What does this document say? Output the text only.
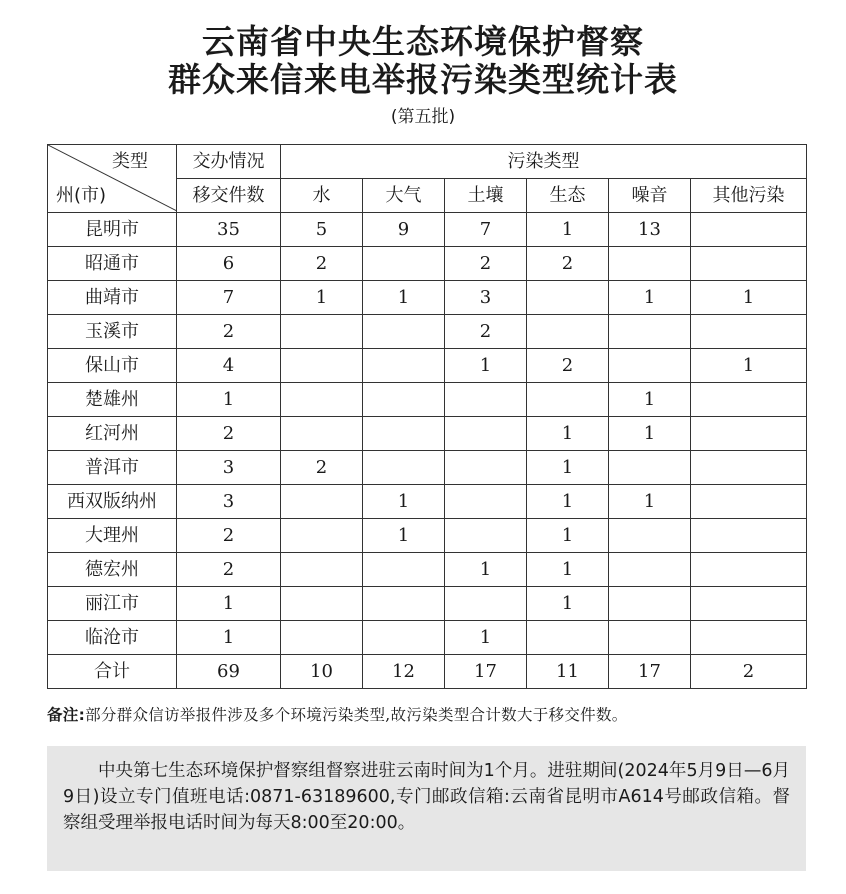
云南省中央生态环境保护督察
群众来信来电举报污染类型统计表
(第五批)
类型
州(市)	交办情况	污染类型					
	移交件数	水	大气	土壤	生态	噪音	其他污染
昆明市	35	5	9	7	1	13	
昭通市	6	2		2	2		
曲靖市	7	1	1	3		1	1
玉溪市	2			2			
保山市	4			1	2		1
楚雄州	1					1	
红河州	2				1	1	
普洱市	3	2			1		
西双版纳州	3		1		1	1	
大理州	2		1		1		
德宏州	2			1	1		
丽江市	1				1		
临沧市	1			1			
合计	69	10	12	17	11	17	2
备注:部分群众信访举报件涉及多个环境污染类型,故污染类型合计数大于移交件数。

中央第七生态环境保护督察组督察进驻云南时间为1个月。进驻期间(2024年5月9日—6月9日)设立专门值班电话:0871-63189600,专门邮政信箱:云南省昆明市A614号邮政信箱。督察组受理举报电话时间为每天8:00至20:00。
